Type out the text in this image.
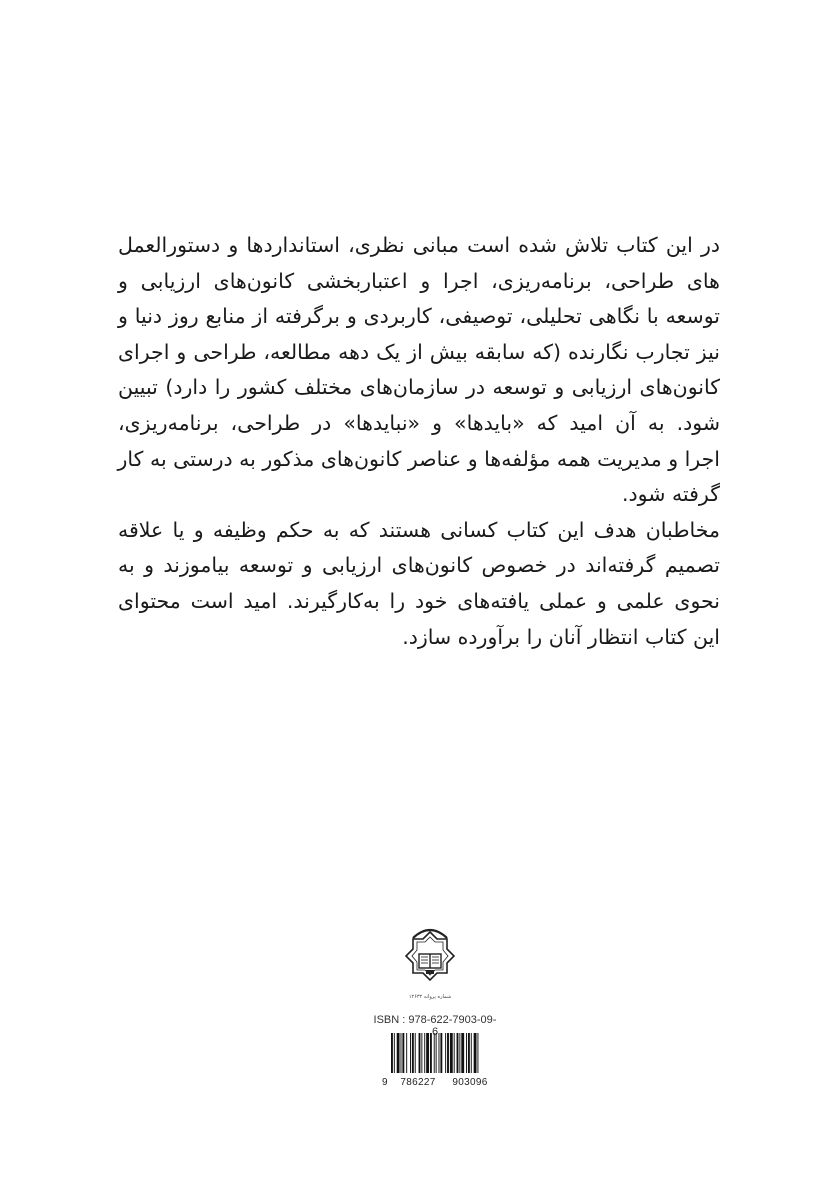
در این کتاب تلاش شده است مبانی نظری، استانداردها و دستورالعمل
های طراحی، برنامه‌ریزی، اجرا و اعتباربخشی کانون‌های ارزیابی و
توسعه با نگاهی تحلیلی، توصیفی، کاربردی و برگرفته از منابع روز دنیا و
نیز تجارب نگارنده (که سابقه بیش از یک دهه مطالعه، طراحی و اجرای
کانون‌های ارزیابی و توسعه در سازمان‌های مختلف کشور را دارد) تبیین
شود. به آن امید که «بایدها» و «نبایدها» در طراحی، برنامه‌ریزی،
اجرا و مدیریت همه مؤلفه‌ها و عناصر کانون‌های مذکور به درستی به کار
گرفته شود.
مخاطبان هدف این کتاب کسانی هستند که به حکم وظیفه و یا علاقه
تصمیم گرفته‌اند در خصوص کانون‌های ارزیابی و توسعه بیاموزند و به
نحوی علمی و عملی یافته‌های خود را به‌کارگیرند. امید است محتوای
این کتاب انتظار آنان را برآورده سازد.
شماره پروانه ۱۲۶۳۲
ISBN : 978-622-7903-09-6
9	786227	903096
